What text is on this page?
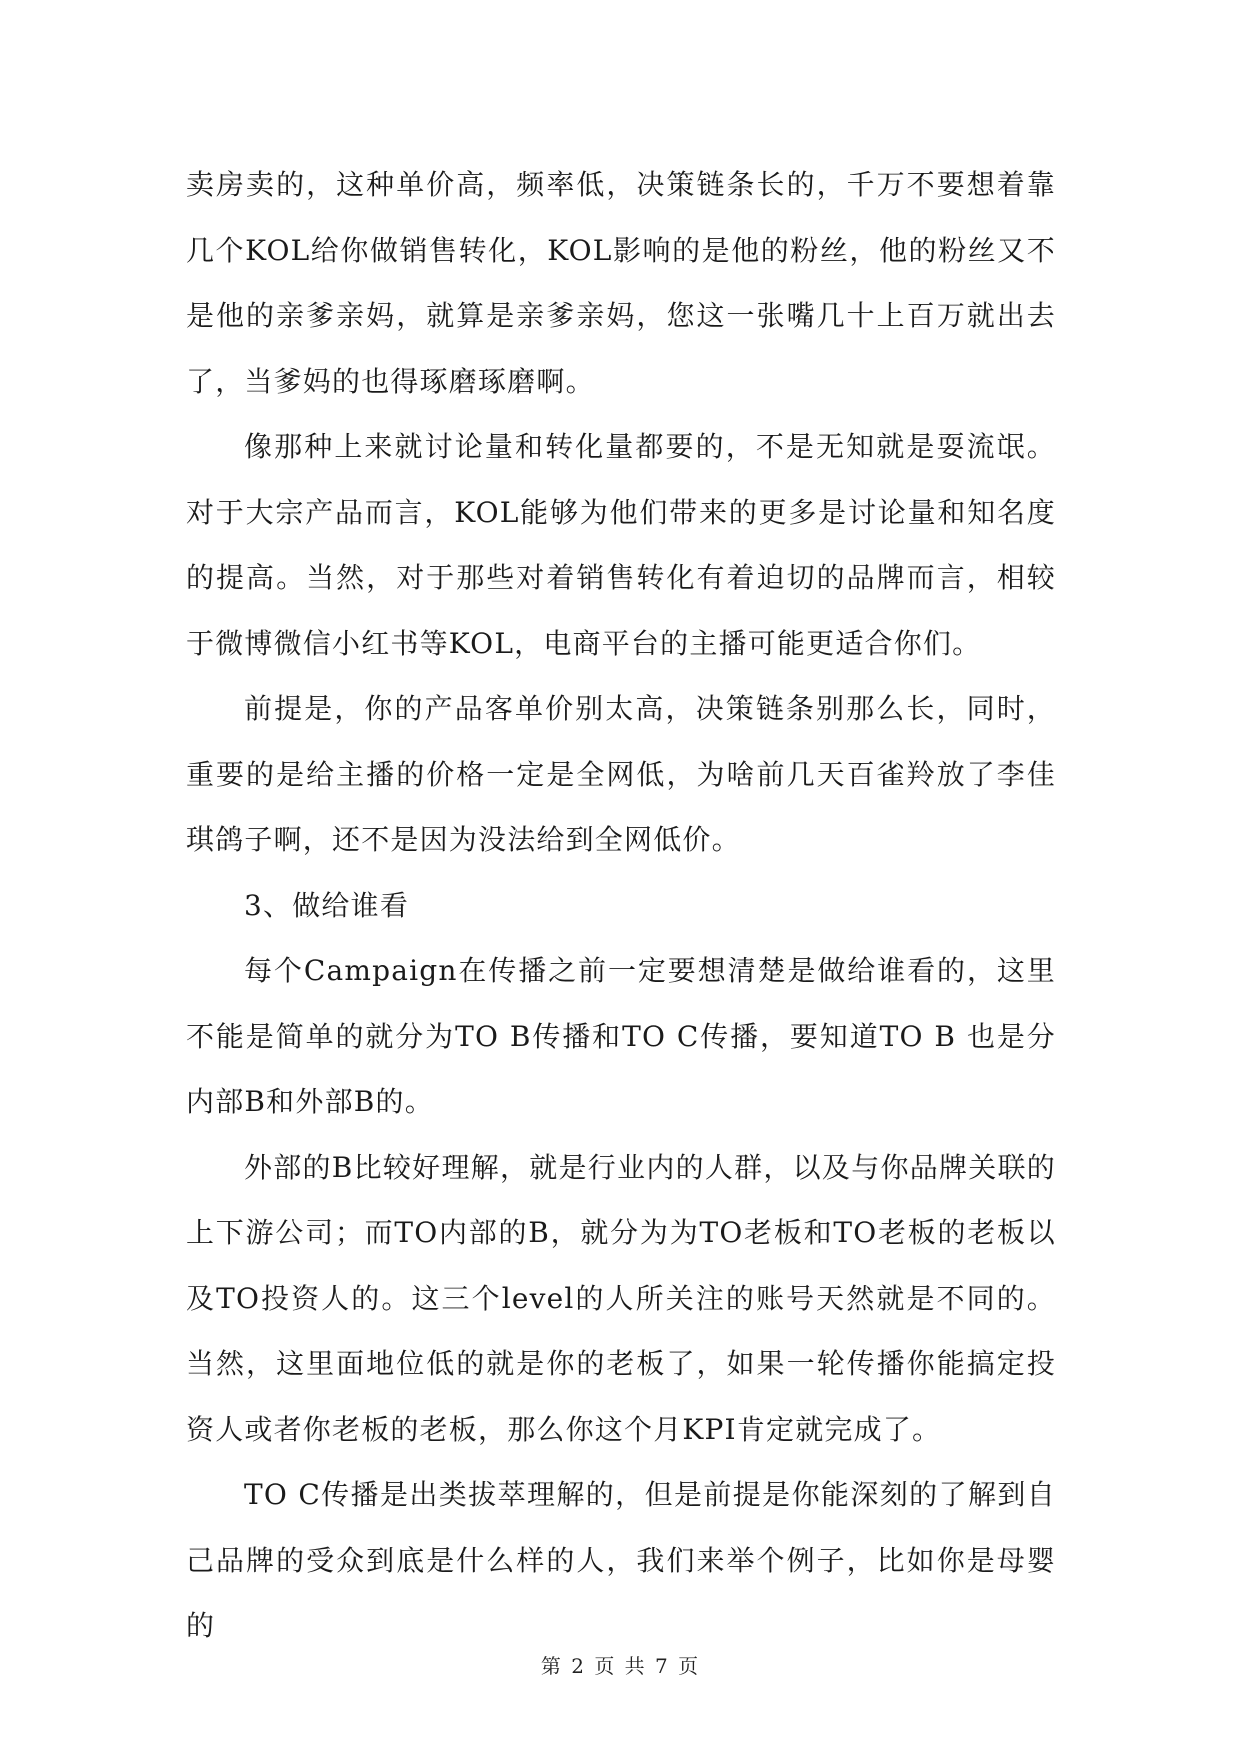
卖房卖的，这种单价高，频率低，决策链条长的，千万不要想着靠几个KOL给你做销售转化，KOL影响的是他的粉丝，他的粉丝又不是他的亲爹亲妈，就算是亲爹亲妈，您这一张嘴几十上百万就出去了，当爹妈的也得琢磨琢磨啊。

像那种上来就讨论量和转化量都要的，不是无知就是耍流氓。对于大宗产品而言，KOL能够为他们带来的更多是讨论量和知名度的提高。当然，对于那些对着销售转化有着迫切的品牌而言，相较于微博微信小红书等KOL，电商平台的主播可能更适合你们。

前提是，你的产品客单价别太高，决策链条别那么长，同时，重要的是给主播的价格一定是全网低，为啥前几天百雀羚放了李佳琪鸽子啊，还不是因为没法给到全网低价。

3、做给谁看

每个Campaign在传播之前一定要想清楚是做给谁看的，这里不能是简单的就分为TO B传播和TO C传播，要知道TO B 也是分内部B和外部B的。

外部的B比较好理解，就是行业内的人群，以及与你品牌关联的上下游公司；而TO内部的B，就分为为TO老板和TO老板的老板以及TO投资人的。这三个level的人所关注的账号天然就是不同的。当然，这里面地位低的就是你的老板了，如果一轮传播你能搞定投资人或者你老板的老板，那么你这个月KPI肯定就完成了。

TO C传播是出类拔萃理解的，但是前提是你能深刻的了解到自己品牌的受众到底是什么样的人，我们来举个例子，比如你是母婴的

第 2 页 共 7 页
